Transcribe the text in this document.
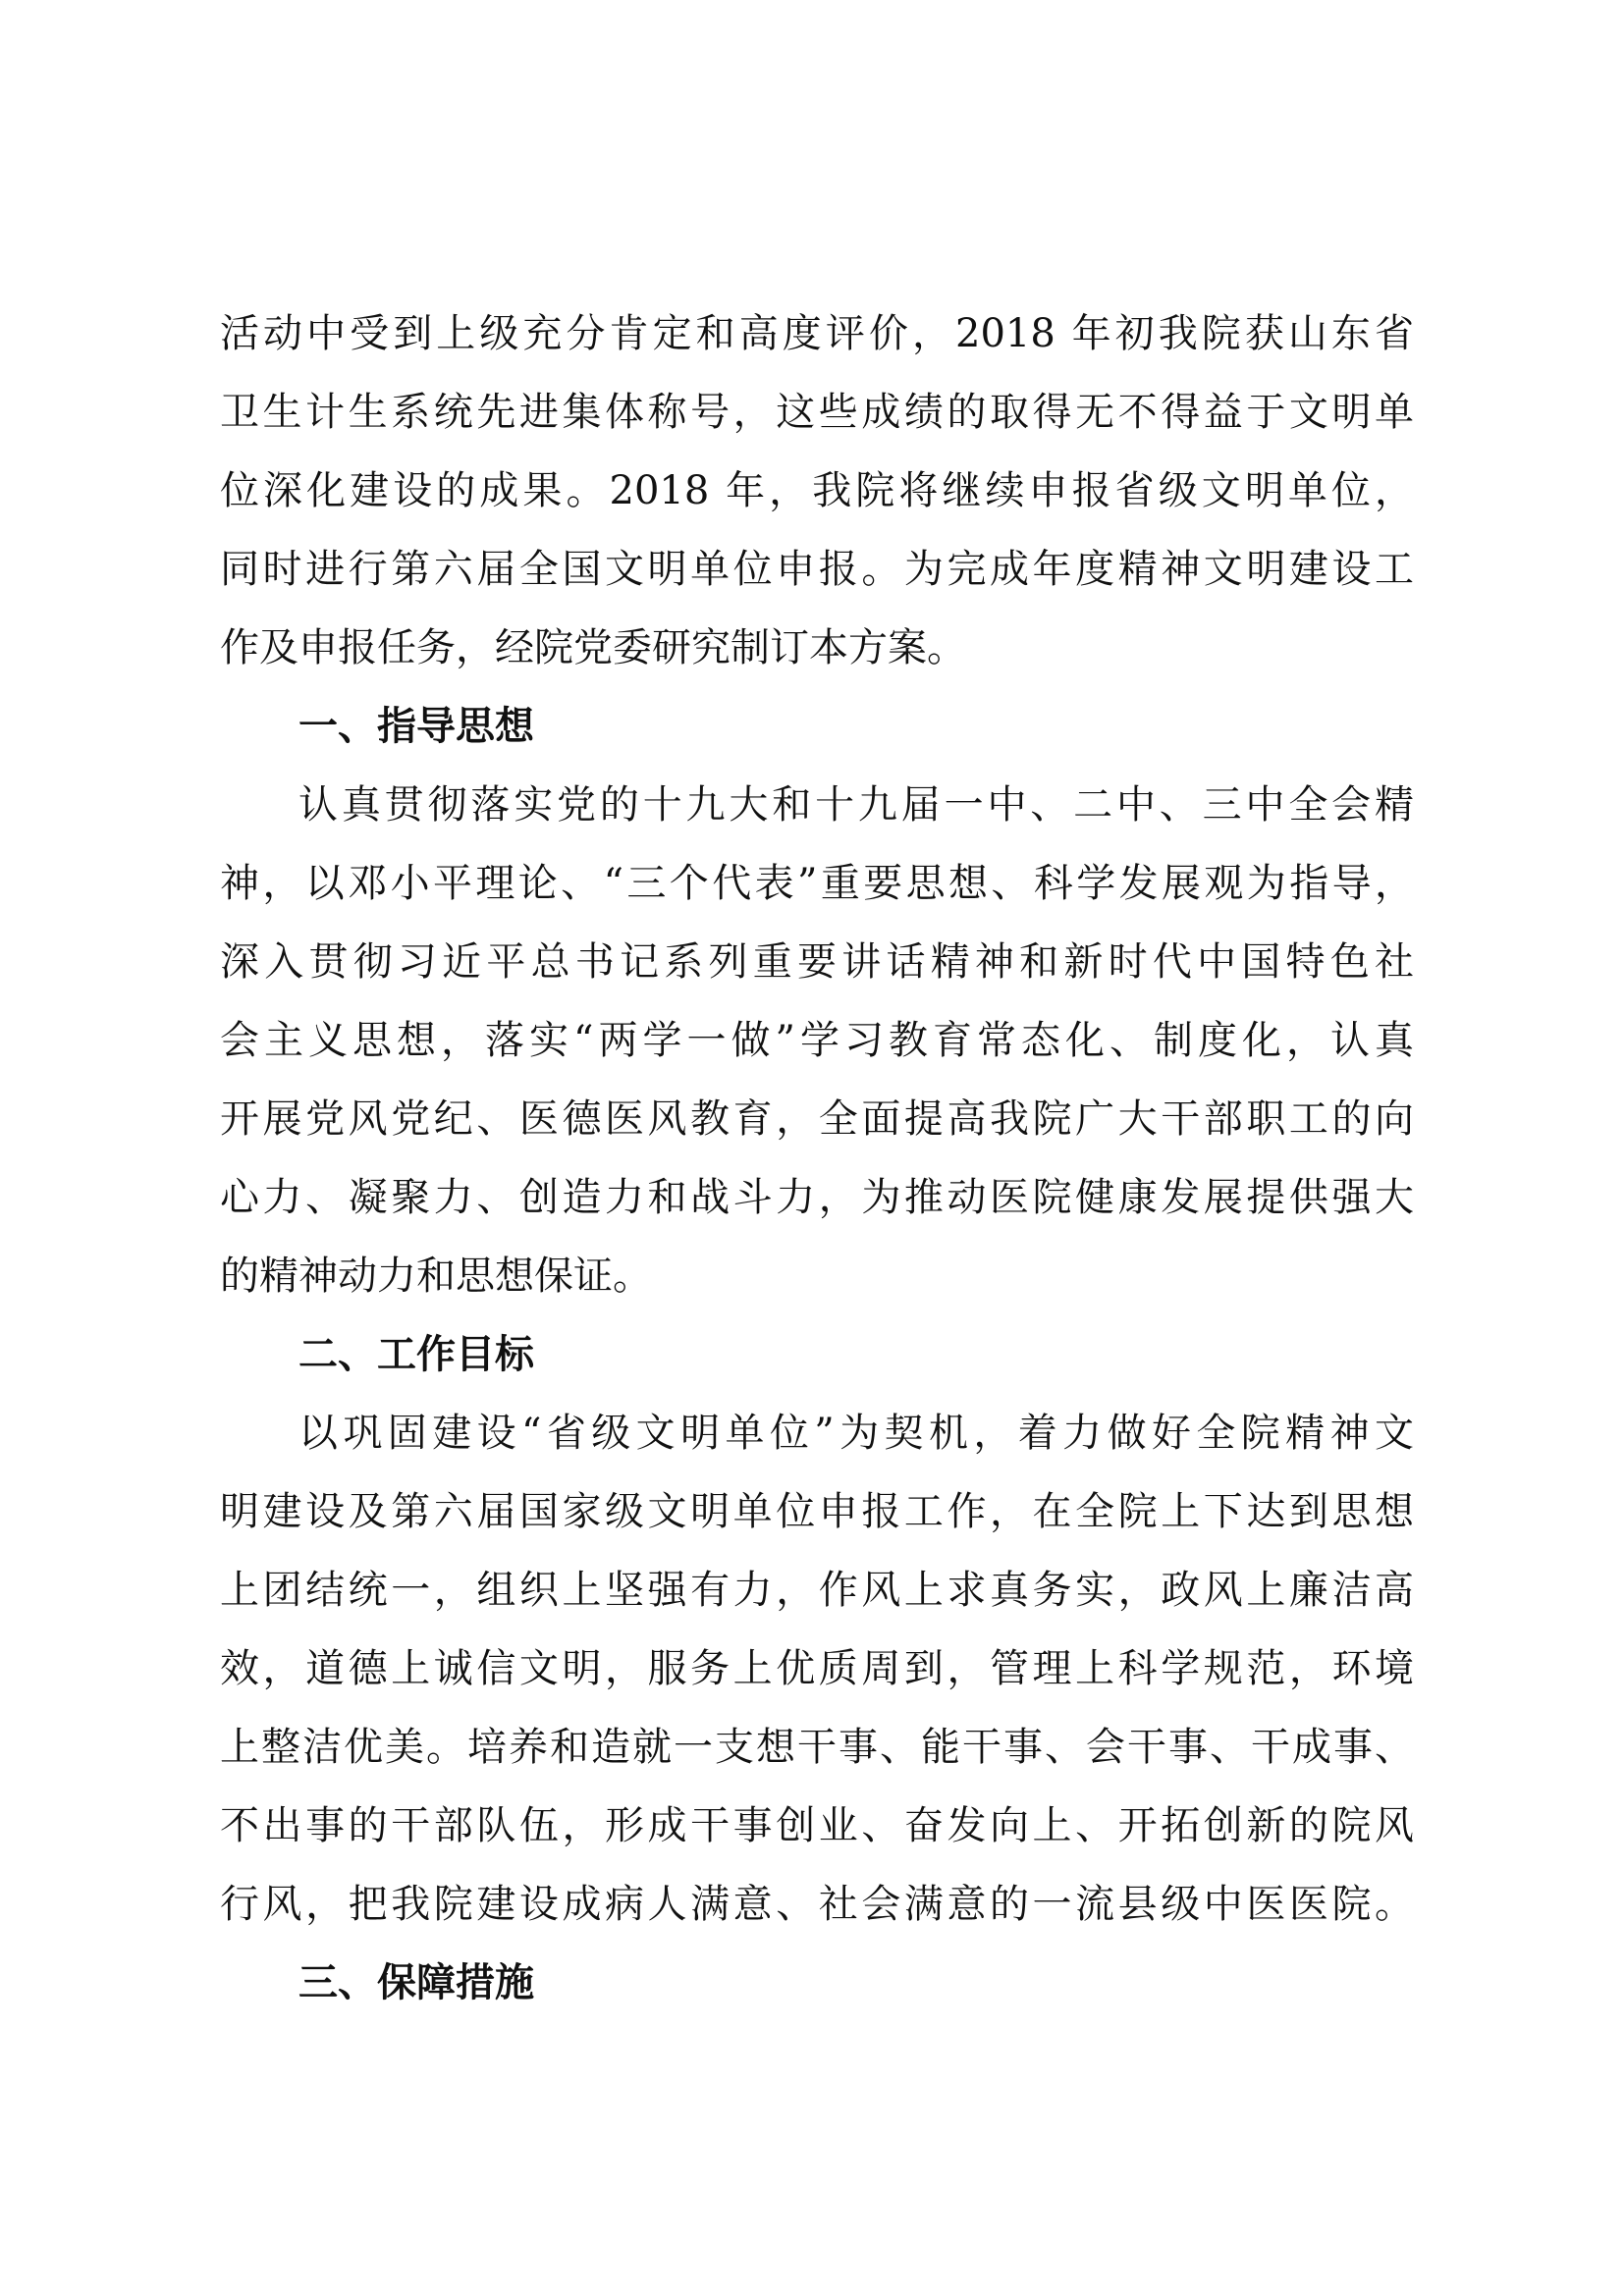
活动中受到上级充分肯定和高度评价，2018 年初我院获山东省
卫生计生系统先进集体称号，这些成绩的取得无不得益于文明单
位深化建设的成果。2018 年，我院将继续申报省级文明单位，
同时进行第六届全国文明单位申报。为完成年度精神文明建设工
作及申报任务，经院党委研究制订本方案。
一、指导思想
认真贯彻落实党的十九大和十九届一中、二中、三中全会精
神，以邓小平理论、“三个代表”重要思想、科学发展观为指导，
深入贯彻习近平总书记系列重要讲话精神和新时代中国特色社
会主义思想，落实“两学一做”学习教育常态化、制度化，认真
开展党风党纪、医德医风教育，全面提高我院广大干部职工的向
心力、凝聚力、创造力和战斗力，为推动医院健康发展提供强大
的精神动力和思想保证。
二、工作目标
以巩固建设“省级文明单位”为契机，着力做好全院精神文
明建设及第六届国家级文明单位申报工作，在全院上下达到思想
上团结统一，组织上坚强有力，作风上求真务实，政风上廉洁高
效，道德上诚信文明，服务上优质周到，管理上科学规范，环境
上整洁优美。培养和造就一支想干事、能干事、会干事、干成事、
不出事的干部队伍，形成干事创业、奋发向上、开拓创新的院风
行风，把我院建设成病人满意、社会满意的一流县级中医医院。
三、保障措施
